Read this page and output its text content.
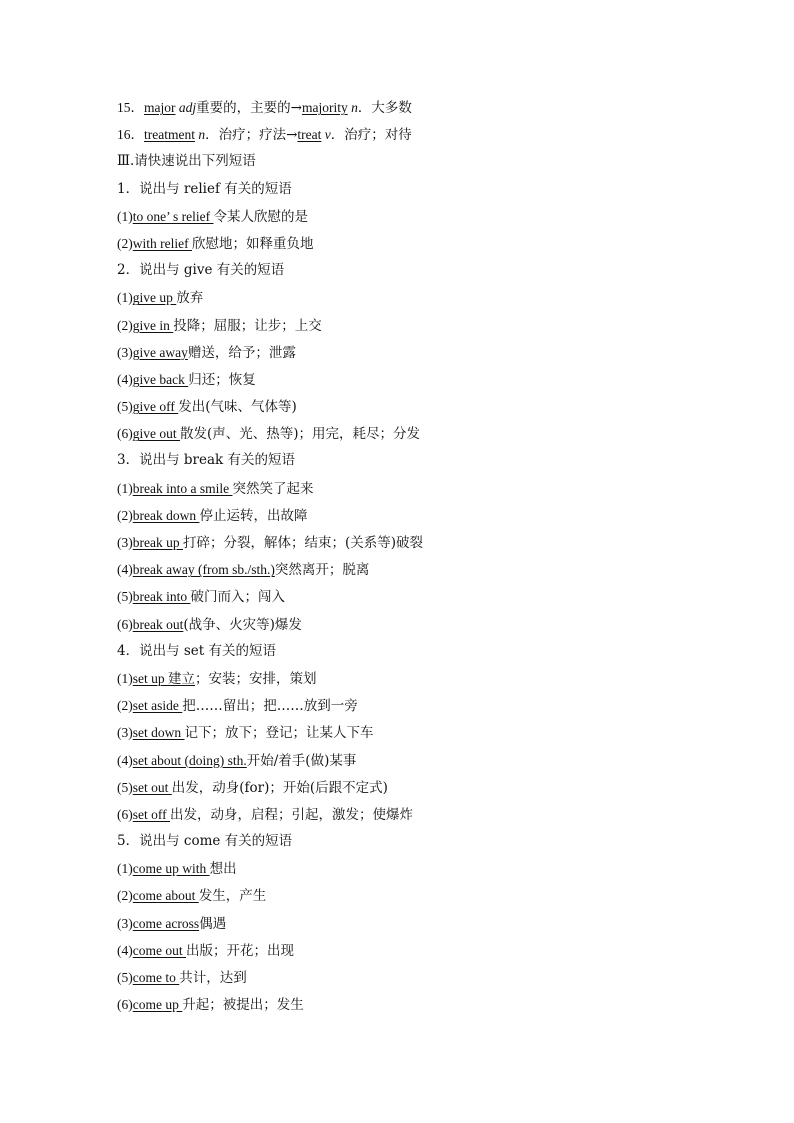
15．major adj重要的，主要的→majority n．大多数
16．treatment n．治疗；疗法→treat v．治疗；对待
Ⅲ.请快速说出下列短语
1．说出与 relief 有关的短语
(1)to one’ s relief 令某人欣慰的是
(2)with relief 欣慰地；如释重负地
2．说出与 give 有关的短语
(1)give up 放弃
(2)give in 投降；屈服；让步；上交
(3)give away赠送，给予；泄露
(4)give back 归还；恢复
(5)give off 发出(气味、气体等)
(6)give out 散发(声、光、热等)；用完，耗尽；分发
3．说出与 break 有关的短语
(1)break into a smile 突然笑了起来
(2)break down 停止运转，出故障
(3)break up 打碎；分裂，解体；结束；(关系等)破裂
(4)break away (from sb./sth.)突然离开；脱离
(5)break into 破门而入；闯入
(6)break out(战争、火灾等)爆发
4．说出与 set 有关的短语
(1)set up 建立；安装；安排，策划
(2)set aside 把……留出；把……放到一旁
(3)set down 记下；放下；登记；让某人下车
(4)set about (doing) sth.开始/着手(做)某事
(5)set out 出发，动身(for)；开始(后跟不定式)
(6)set off 出发，动身，启程；引起，激发；使爆炸
5．说出与 come 有关的短语
(1)come up with 想出
(2)come about 发生，产生
(3)come across偶遇
(4)come out 出版；开花；出现
(5)come to 共计，达到
(6)come up 升起；被提出；发生
